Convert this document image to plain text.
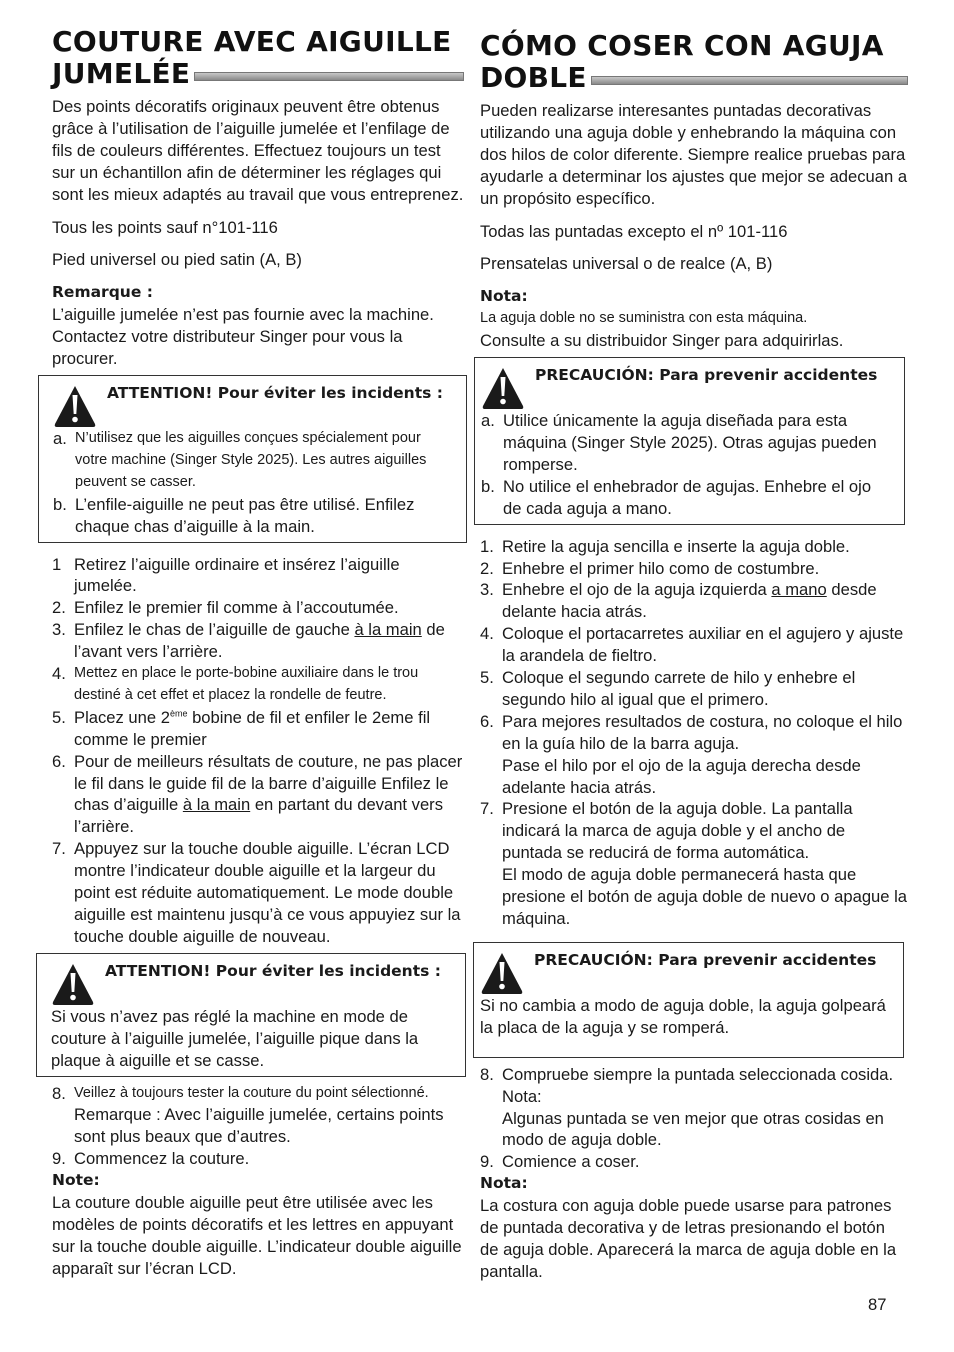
COUTURE AVEC AIGUILLE
JUMELÉE

Des points décoratifs originaux peuvent être obtenus grâce à l’utilisation de l’aiguille jumelée et l’enfilage de fils de couleurs différentes. Effectuez toujours un test sur un échantillon afin de déterminer les réglages qui sont les mieux adaptés au travail que vous entreprenez.

Tous les points sauf n°101-116

Pied universel ou pied satin (A, B)

Remarque :

L’aiguille jumelée n’est pas fournie avec la machine. Contactez votre distributeur Singer pour vous la procurer.

ATTENTION! Pour éviter les incidents :
a. N’utilisez que les aiguilles conçues spécialement pour votre machine (Singer Style 2025). Les autres aiguilles peuvent se casser.
b. L’enfile-aiguille ne peut pas être utilisé. Enfilez chaque chas d’aiguille à la main.
1 Retirez l’aiguille ordinaire et insérez l’aiguille jumelée.
2. Enfilez le premier fil comme à l’accoutumée.
3. Enfilez le chas de l’aiguille de gauche à la main de l’avant vers l’arrière.
4. Mettez en place le porte-bobine auxiliaire dans le trou destiné à cet effet et placez la rondelle de feutre.
5. Placez une 2ème bobine de fil et enfiler le 2eme fil comme le premier
6. Pour de meilleurs résultats de couture, ne pas placer le fil dans le guide fil de la barre d’aiguille Enfilez le chas d’aiguille à la main en partant du devant vers l’arrière.
7. Appuyez sur la touche double aiguille. L’écran LCD montre l’indicateur double aiguille et la largeur du point est réduite automatiquement. Le mode double aiguille est maintenu jusqu’à ce vous appuyiez sur la touche double aiguille de nouveau.
ATTENTION! Pour éviter les incidents :

Si vous n’avez pas réglé la machine en mode de couture à l’aiguille jumelée, l’aiguille pique dans la plaque à aiguille et se casse.

8. Veillez à toujours tester la couture du point sélectionné.
Remarque : Avec l’aiguille jumelée, certains points sont plus beaux que d’autres.
9. Commencez la couture.

Note:

La couture double aiguille peut être utilisée avec les modèles de points décoratifs et les lettres en appuyant sur la touche double aiguille. L’indicateur double aiguille apparaît sur l’écran LCD.

CÓMO COSER CON AGUJA
DOBLE

Pueden realizarse interesantes puntadas decorativas utilizando una aguja doble y enhebrando la máquina con dos hilos de color diferente. Siempre realice pruebas para ayudarle a determinar los ajustes que mejor se adecuan a un propósito específico.

Todas las puntadas excepto el nº 101-116

Prensatelas universal o de realce (A, B)

Nota:

La aguja doble no se suministra con esta máquina.

Consulte a su distribuidor Singer para adquirirlas.

PRECAUCIÓN: Para prevenir accidentes
a. Utilice únicamente la aguja diseñada para esta máquina (Singer Style 2025). Otras agujas pueden romperse.
b. No utilice el enhebrador de agujas. Enhebre el ojo de cada aguja a mano.
1. Retire la aguja sencilla e inserte la aguja doble.
2. Enhebre el primer hilo como de costumbre.
3. Enhebre el ojo de la aguja izquierda a mano desde delante hacia atrás.
4. Coloque el portacarretes auxiliar en el agujero y ajuste la arandela de fieltro.
5. Coloque el segundo carrete de hilo y enhebre el segundo hilo al igual que el primero.
6. Para mejores resultados de costura, no coloque el hilo en la guía hilo de la barra aguja.
Pase el hilo por el ojo de la aguja derecha desde adelante hacia atrás.
7. Presione el botón de la aguja doble. La pantalla indicará la marca de aguja doble y el ancho de puntada se reducirá de forma automática.
El modo de aguja doble permanecerá hasta que presione el botón de aguja doble de nuevo o apague la máquina.
PRECAUCIÓN: Para prevenir accidentes

Si no cambia a modo de aguja doble, la aguja golpeará la placa de la aguja y se romperá.

8. Compruebe siempre la puntada seleccionada cosida.
Nota:
Algunas puntada se ven mejor que otras cosidas en modo de aguja doble.
9. Comience a coser.

Nota:

La costura con aguja doble puede usarse para patrones de puntada decorativa y de letras presionando el botón de aguja doble. Aparecerá la marca de aguja doble en la pantalla.

87
